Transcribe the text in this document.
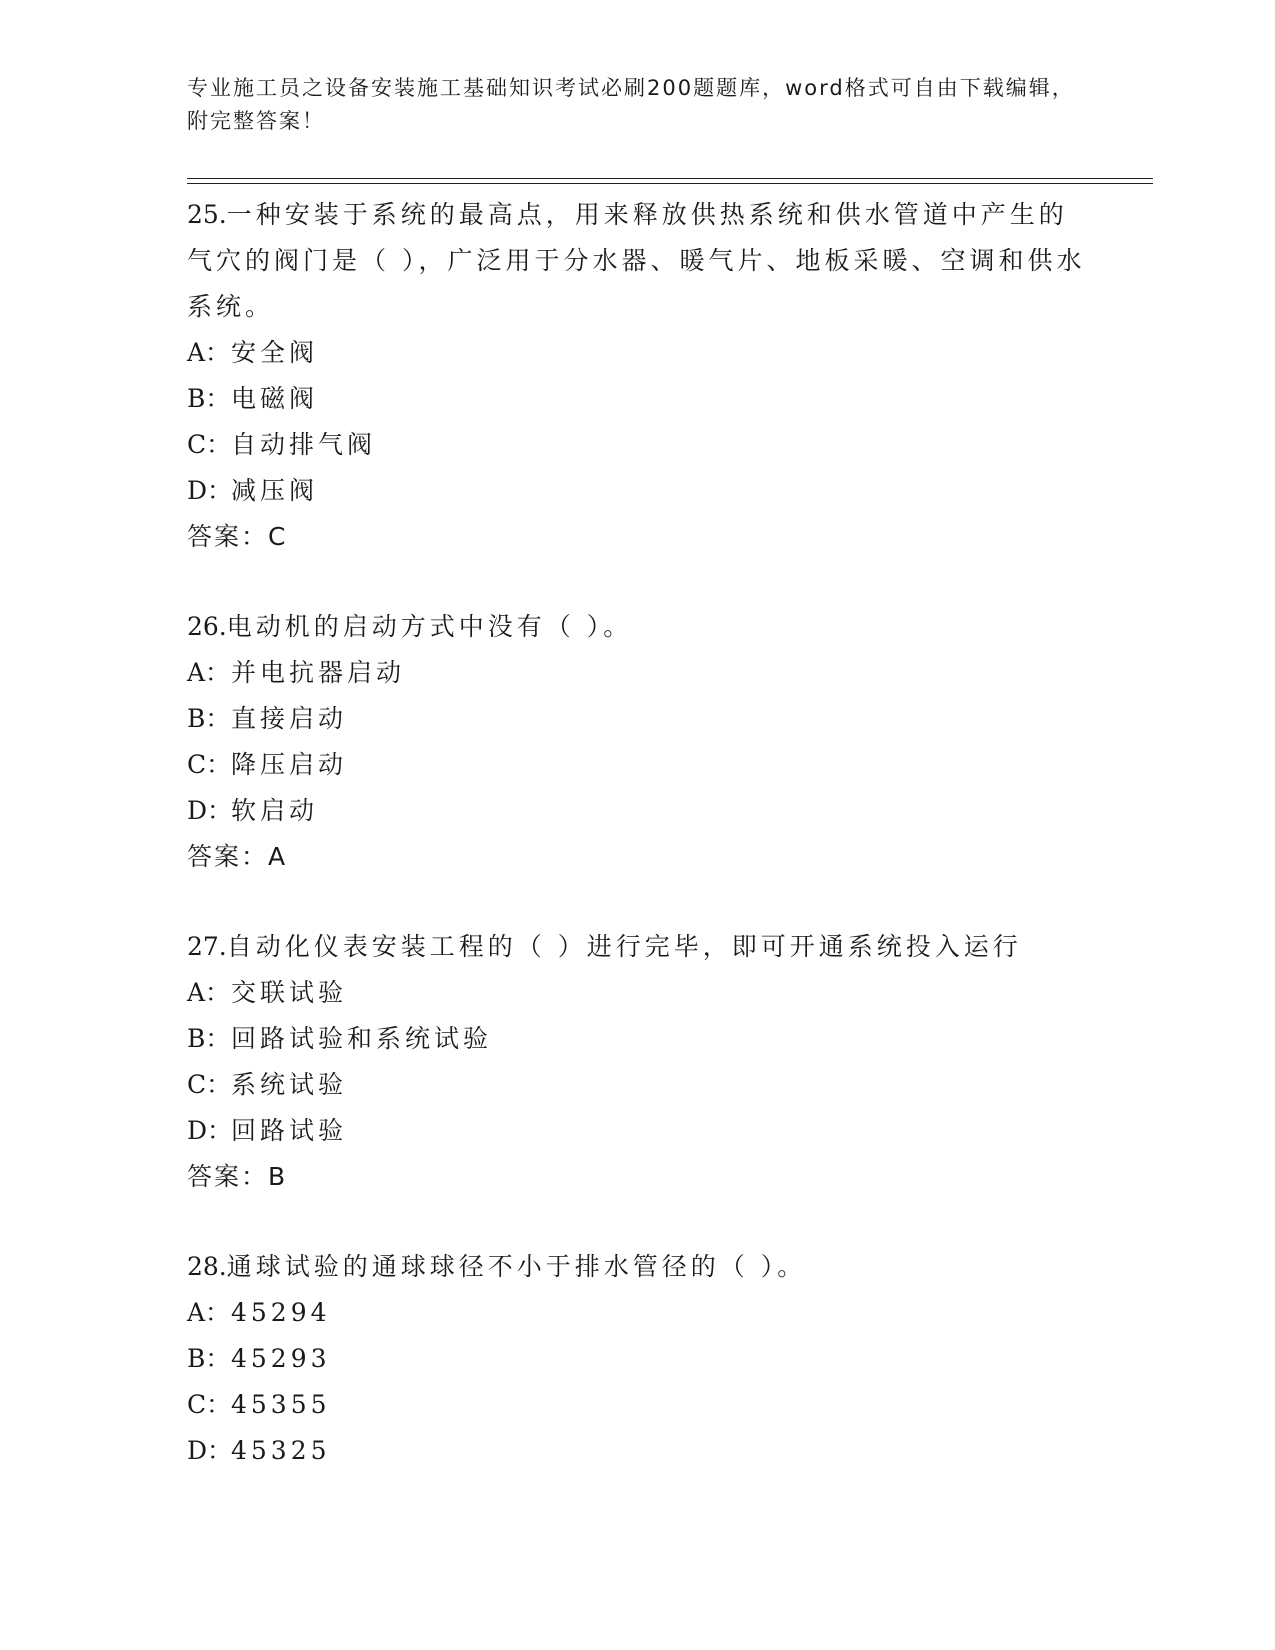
专业施工员之设备安装施工基础知识考试必刷200题题库，word格式可自由下载编辑，附完整答案！

25.一种安装于系统的最高点，用来释放供热系统和供水管道中产生的气穴的阀门是（ ），广泛用于分水器、暖气片、地板采暖、空调和供水系统。

A：安全阀
B：电磁阀
C：自动排气阀
D：减压阀
答案：C

26.电动机的启动方式中没有（ ）。

A：并电抗器启动
B：直接启动
C：降压启动
D：软启动
答案：A

27.自动化仪表安装工程的（ ）进行完毕，即可开通系统投入运行

A：交联试验
B：回路试验和系统试验
C：系统试验
D：回路试验
答案：B

28.通球试验的通球球径不小于排水管径的（ ）。

A：45294
B：45293
C：45355
D：45325
